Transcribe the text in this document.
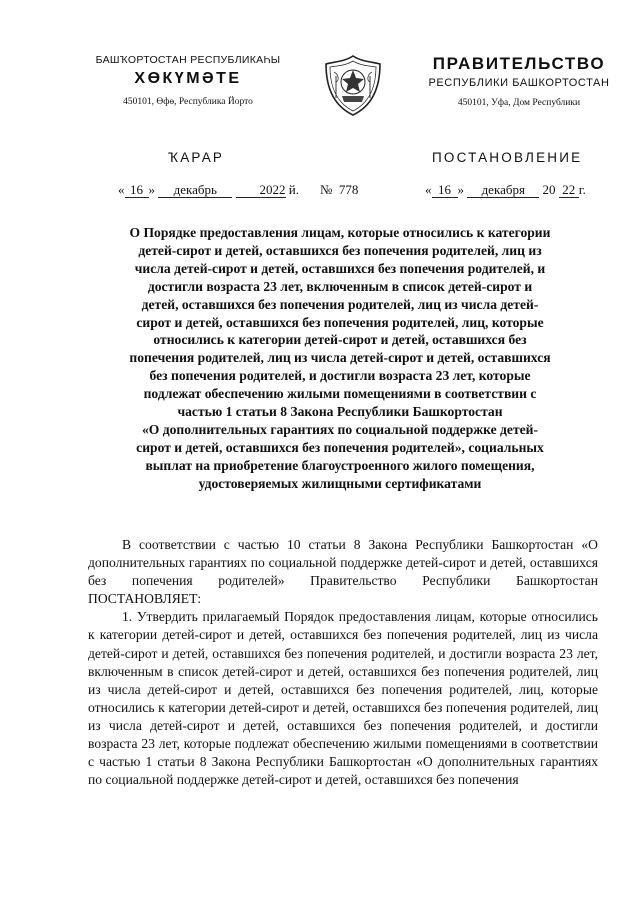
БАШҠОРТОСТАН РЕСПУБЛИКАҺЫ
ХӨКҮМӘТЕ
450101, Өфө, Республика Йорто
ПРАВИТЕЛЬСТВО
РЕСПУБЛИКИ БАШКОРТОСТАН
450101, Уфа, Дом Республики
ҠАРАР	ПОСТАНОВЛЕНИЕ
« 16 » декабрь	2022 й.	№ 778	« 16 » декабря 20 22 г.
О Порядке предоставления лицам, которые относились к категории
детей-сирот и детей, оставшихся без попечения родителей, лиц из
числа детей-сирот и детей, оставшихся без попечения родителей, и
достигли возраста 23 лет, включенным в список детей-сирот и
детей, оставшихся без попечения родителей, лиц из числа детей-
сирот и детей, оставшихся без попечения родителей, лиц, которые
относились к категории детей-сирот и детей, оставшихся без
попечения родителей, лиц из числа детей-сирот и детей, оставшихся
без попечения родителей, и достигли возраста 23 лет, которые
подлежат обеспечению жилыми помещениями в соответствии с
частью 1 статьи 8 Закона Республики Башкортостан
«О дополнительных гарантиях по социальной поддержке детей-
сирот и детей, оставшихся без попечения родителей», социальных
выплат на приобретение благоустроенного жилого помещения,
удостоверяемых жилищными сертификатами

В соответствии с частью 10 статьи 8 Закона Республики Башкортостан «О дополнительных гарантиях по социальной поддержке детей-сирот и детей, оставшихся без попечения родителей» Правительство Республики Башкортостан ПОСТАНОВЛЯЕТ:

1. Утвердить прилагаемый Порядок предоставления лицам, которые относились к категории детей-сирот и детей, оставшихся без попечения родителей, лиц из числа детей-сирот и детей, оставшихся без попечения родителей, и достигли возраста 23 лет, включенным в список детей-сирот и детей, оставшихся без попечения родителей, лиц из числа детей-сирот и детей, оставшихся без попечения родителей, лиц, которые относились к категории детей-сирот и детей, оставшихся без попечения родителей, лиц из числа детей-сирот и детей, оставшихся без попечения родителей, и достигли возраста 23 лет, которые подлежат обеспечению жилыми помещениями в соответствии с частью 1 статьи 8 Закона Республики Башкортостан «О дополнительных гарантиях по социальной поддержке детей-сирот и детей, оставшихся без попечения
